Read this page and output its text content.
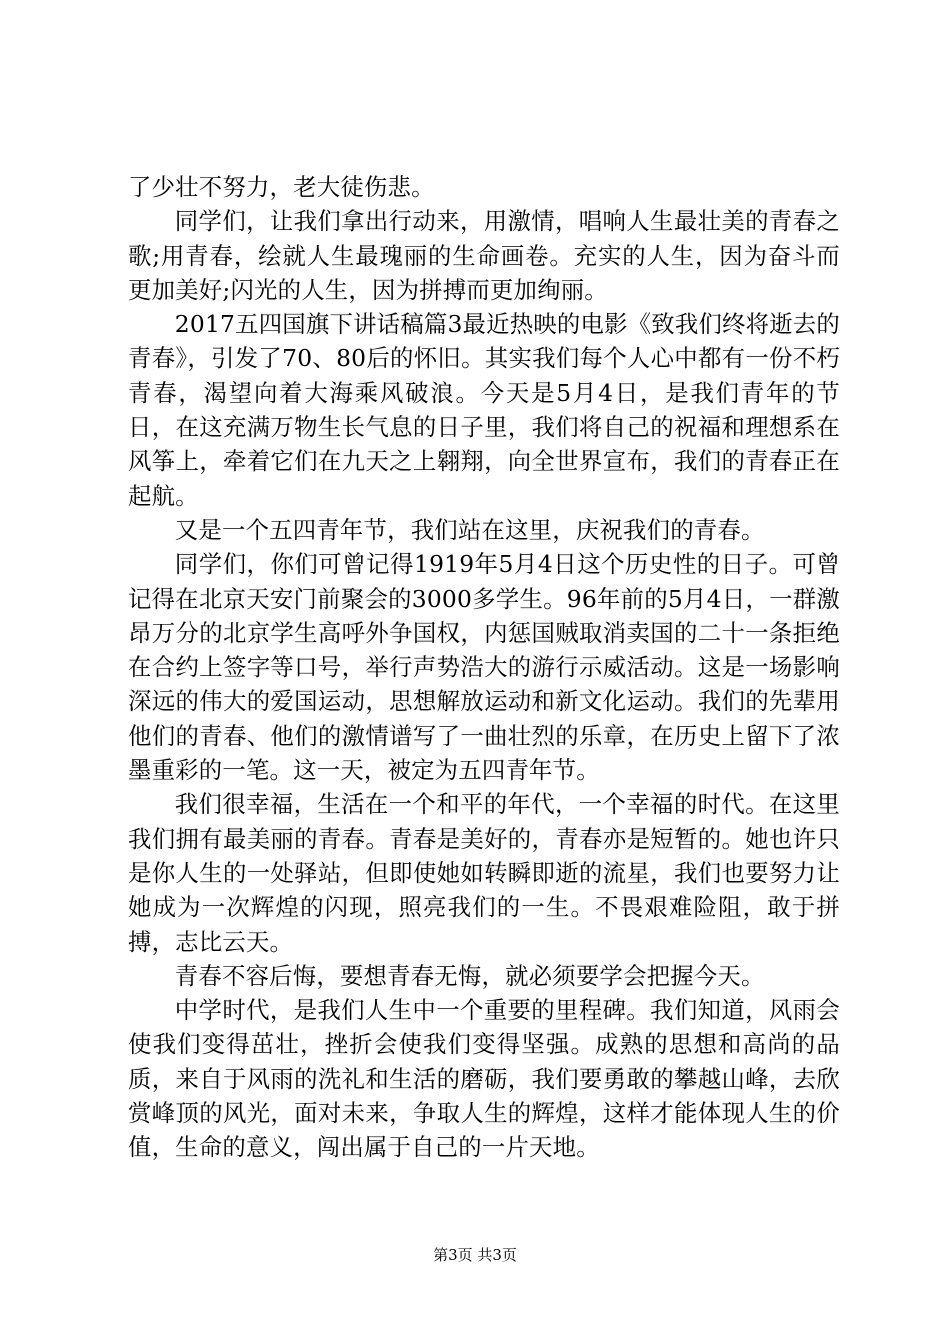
了少壮不努力，老大徒伤悲。

同学们，让我们拿出行动来，用激情，唱响人生最壮美的青春之歌;用青春，绘就人生最瑰丽的生命画卷。充实的人生，因为奋斗而更加美好;闪光的人生，因为拼搏而更加绚丽。

2017五四国旗下讲话稿篇3最近热映的电影《致我们终将逝去的青春》，引发了70、80后的怀旧。其实我们每个人心中都有一份不朽青春，渴望向着大海乘风破浪。今天是5月4日，是我们青年的节日，在这充满万物生长气息的日子里，我们将自己的祝福和理想系在风筝上，牵着它们在九天之上翱翔，向全世界宣布，我们的青春正在起航。

又是一个五四青年节，我们站在这里，庆祝我们的青春。

同学们，你们可曾记得1919年5月4日这个历史性的日子。可曾记得在北京天安门前聚会的3000多学生。96年前的5月4日，一群激昂万分的北京学生高呼外争国权，内惩国贼取消卖国的二十一条拒绝在合约上签字等口号，举行声势浩大的游行示威活动。这是一场影响深远的伟大的爱国运动，思想解放运动和新文化运动。我们的先辈用他们的青春、他们的激情谱写了一曲壮烈的乐章，在历史上留下了浓墨重彩的一笔。这一天，被定为五四青年节。

我们很幸福，生活在一个和平的年代，一个幸福的时代。在这里我们拥有最美丽的青春。青春是美好的，青春亦是短暂的。她也许只是你人生的一处驿站，但即使她如转瞬即逝的流星，我们也要努力让她成为一次辉煌的闪现，照亮我们的一生。不畏艰难险阻，敢于拼搏，志比云天。

青春不容后悔，要想青春无悔，就必须要学会把握今天。

中学时代，是我们人生中一个重要的里程碑。我们知道，风雨会使我们变得茁壮，挫折会使我们变得坚强。成熟的思想和高尚的品质，来自于风雨的洗礼和生活的磨砺，我们要勇敢的攀越山峰，去欣赏峰顶的风光，面对未来，争取人生的辉煌，这样才能体现人生的价值，生命的意义，闯出属于自己的一片天地。

第3页 共3页
